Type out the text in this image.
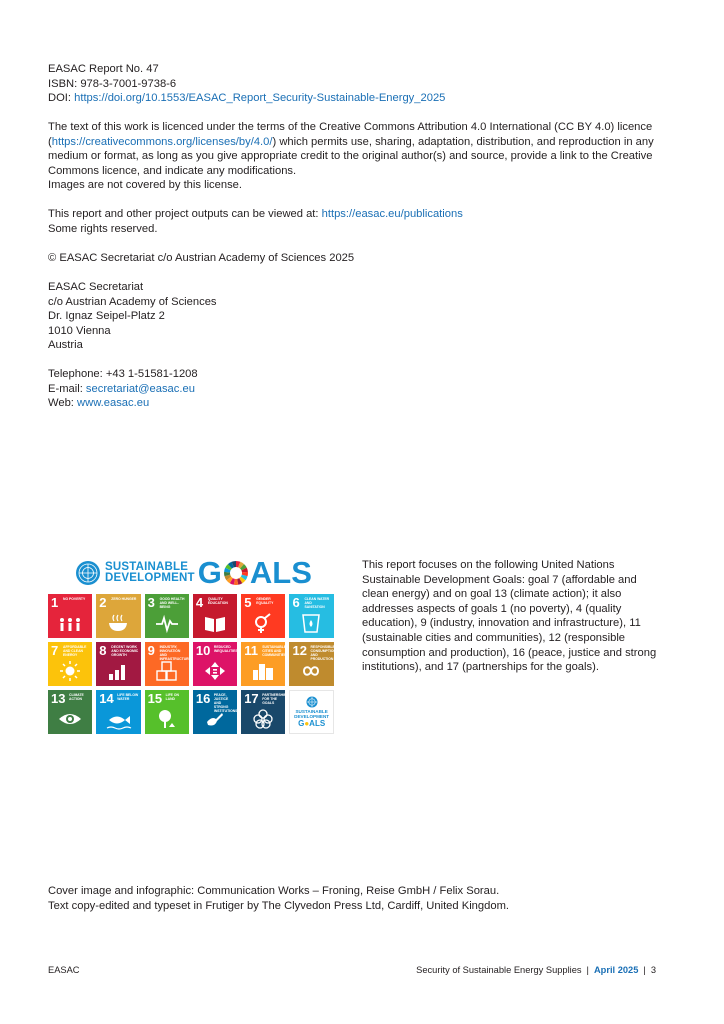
EASAC Report No. 47
ISBN: 978-3-7001-9738-6
DOI: https://doi.org/10.1553/EASAC_Report_Security-Sustainable-Energy_2025
The text of this work is licenced under the terms of the Creative Commons Attribution 4.0 International (CC BY 4.0) licence (https://creativecommons.org/licenses/by/4.0/) which permits use, sharing, adaptation, distribution, and reproduction in any medium or format, as long as you give appropriate credit to the original author(s) and source, provide a link to the Creative Commons licence, and indicate any modifications.
Images are not covered by this license.
This report and other project outputs can be viewed at: https://easac.eu/publications
Some rights reserved.
© EASAC Secretariat c/o Austrian Academy of Sciences 2025
EASAC Secretariat
c/o Austrian Academy of Sciences
Dr. Ignaz Seipel-Platz 2
1010 Vienna
Austria
Telephone: +43 1-51581-1208
E-mail: secretariat@easac.eu
Web: www.easac.eu
SUSTAINABLE
DEVELOPMENT G ALS
1 NO POVERTY	2 ZERO HUNGER 3 GOOD HEALTH AND WELL-BEING	4 QUALITY EDUCATION	5 GENDER EQUALITY	6 CLEAN WATER AND SANITATION
7 AFFORDABLE AND CLEAN ENERGY	8 DECENT WORK AND ECONOMIC GROWTH	9 INDUSTRY, INNOVATION AND INFRASTRUCTURE
10 REDUCED INEQUALITIES 11 SUSTAINABLE CITIES AND COMMUNITIES 12 RESPONSIBLE CONSUMPTION AND PRODUCTION
13 CLIMATE ACTION	14 LIFE BELOW WATER	15 LIFE ON LAND	16 PEACE, JUSTICE AND STRONG INSTITUTIONS
17 PARTNERSHIPS FOR THE GOALS
SUSTAINABLE
DEVELOPMENT
G●ALS
This report focuses on the following United Nations Sustainable Development Goals: goal 7 (affordable and clean energy) and on goal 13 (climate action); it also addresses aspects of goals 1 (no poverty), 4 (quality education), 9 (industry, innovation and infrastructure), 11 (sustainable cities and communities), 12 (responsible consumption and production), 16 (peace, justice and strong institutions), and 17 (partnerships for the goals).
Cover image and infographic: Communication Works – Froning, Reise GmbH / Felix Sorau.
Text copy-edited and typeset in Frutiger by The Clyvedon Press Ltd, Cardiff, United Kingdom.
EASAC	Security of Sustainable Energy Supplies | April 2025 | 3
